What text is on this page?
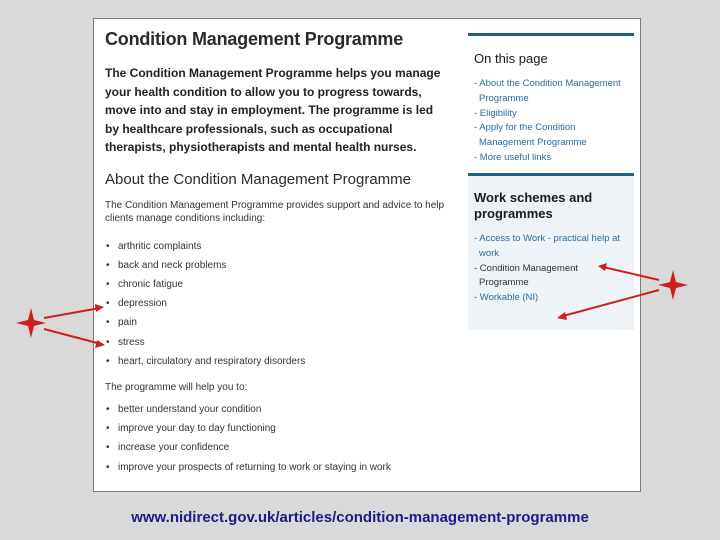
Condition Management Programme
The Condition Management Programme helps you manage your health condition to allow you to progress towards, move into and stay in employment. The programme is led by healthcare professionals, such as occupational therapists, physiotherapists and mental health nurses.
About the Condition Management Programme
The Condition Management Programme provides support and advice to help clients manage conditions including:
• arthritic complaints
• back and neck problems
• chronic fatigue
• depression
• pain
• stress
• heart, circulatory and respiratory disorders
The programme will help you to:
• better understand your condition
• improve your day to day functioning
• increase your confidence
• improve your prospects of returning to work or staying in work
On this page
- About the Condition Management Programme
- Eligibility
- Apply for the Condition Management Programme
- More useful links
Work schemes and programmes
- Access to Work - practical help at work
- Condition Management Programme
- Workable (NI)
www.nidirect.gov.uk/articles/condition-management-programme
